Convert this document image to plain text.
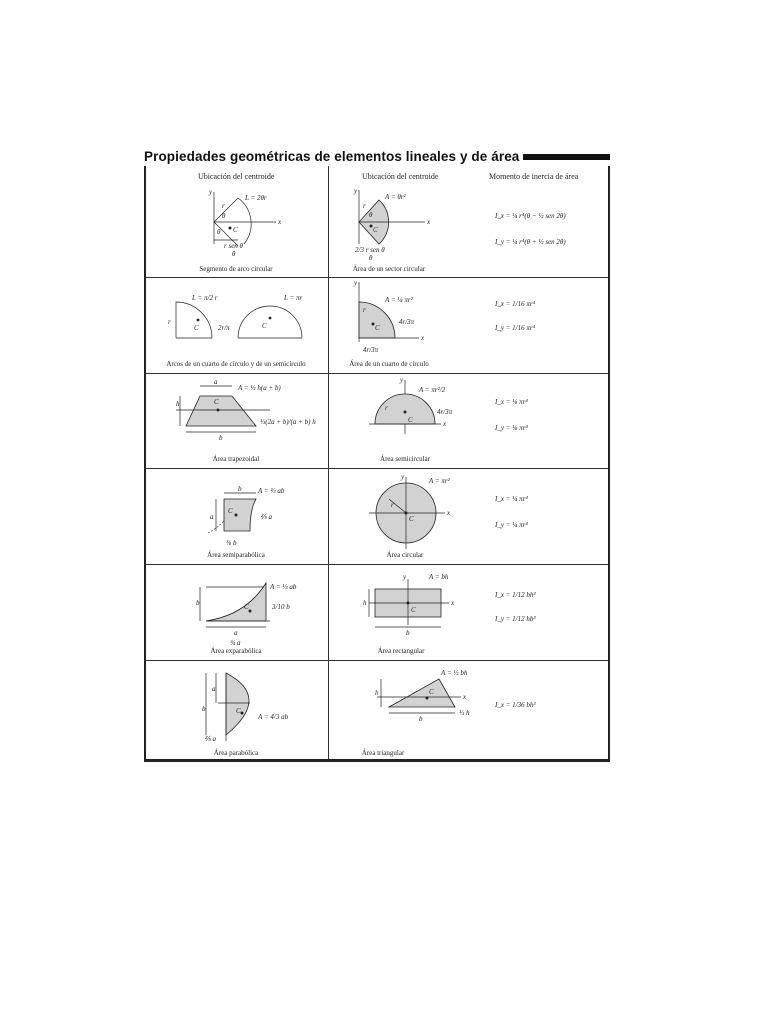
Propiedades geométricas de elementos lineales y de área
Ubicación del centroide	Ubicación del centroide	Momento de inercia de área
y
x
L = 2θr
r
θ
θ C
r sen θ
θ
Segmento de arco circular
y
x
A = θr²
r
θ
C
2/3 r sen θ
θ
I_x = ¼ r⁴(θ − ½ sen 2θ)
I_y = ¼ r⁴(θ + ½ sen 2θ)
Área de un sector circular
L = π/2 r	L = πr
r
C	C
2r/π
Arcos de un cuarto de círculo y de un semicírculo
y
x
A = ¼ πr²
r
C
4r/3π
4r/3π
I_x = 1/16 πr⁴
I_y = 1/16 πr⁴
Área de un cuarto de círculo
a
b
h	C
A = ½ h(a + b)
⅓(2a + b)/(a + b) h
Área trapezoidal
y
x
A = πr²/2
r
C
4r/3π
I_x = ⅛ πr⁴
I_y = ⅛ πr⁴
Área semicircular
b
a
C
A = ⅔ ab
⅖ a
⅜ b
Área semiparabólica
y
x
A = πr²
r
C
I_x = ¼ πr⁴
I_y = ¼ πr⁴
Área circular
b
a
C
A = ⅓ ab
¾ a
3/10 b
Área exparabólica
y
x
A = bh
b
h
C
I_x = 1/12 bh³
I_y = 1/12 hb³
Área rectangular
a
b	C
A = 4/3 ab
⅖ a
Área parabólica
A = ½ bh
x
b
h	C
⅓ h
I_x = 1/36 bh³
Área triangular
